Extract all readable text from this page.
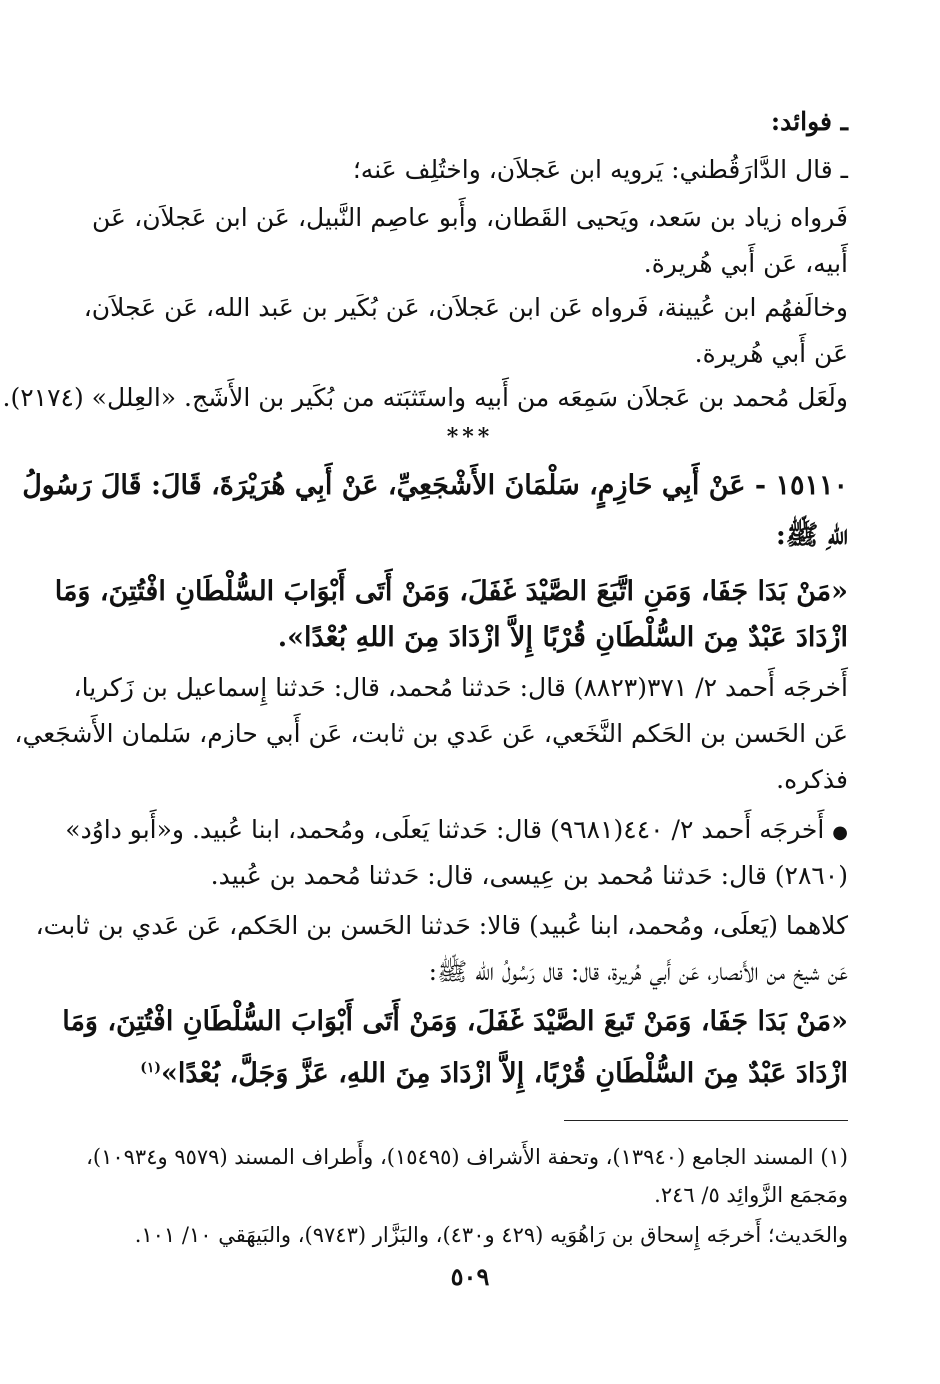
ـ فوائد:
ـ قال الدَّارَقُطني: يَرويه ابن عَجلاَن، واختُلِف عَنه؛
فَرواه زياد بن سَعد، ويَحيى القَطان، وأَبو عاصِم النَّبيل، عَن ابن عَجلاَن، عَن
أَبيه، عَن أَبي هُريرة.
وخالَفهُم ابن عُيينة، فَرواه عَن ابن عَجلاَن، عَن بُكَير بن عَبد الله، عَن عَجلاَن،
عَن أَبي هُريرة.
ولَعَل مُحمد بن عَجلاَن سَمِعَه من أَبيه واستَثبَته من بُكَير بن الأَشَج. «العِلل» (٢١٧٤).
***
١٥١١٠ - عَنْ أَبِي حَازِمٍ، سَلْمَانَ الأَشْجَعِيِّ، عَنْ أَبِي هُرَيْرَةَ، قَالَ: قَالَ رَسُولُ
اللهِ ﷺ:
«مَنْ بَدَا جَفَا، وَمَنِ اتَّبَعَ الصَّيْدَ غَفَلَ، وَمَنْ أَتَى أَبْوَابَ السُّلْطَانِ افْتُتِنَ، وَمَا
ازْدَادَ عَبْدٌ مِنَ السُّلْطَانِ قُرْبًا إِلاَّ ازْدَادَ مِنَ اللهِ بُعْدًا».
أَخرجَه أَحمد ٢/ ٣٧١(٨٨٢٣) قال: حَدثنا مُحمد، قال: حَدثنا إِسماعيل بن زَكريا،
عَن الحَسن بن الحَكم النَّخَعي، عَن عَدي بن ثابت، عَن أَبي حازم، سَلمان الأَشجَعي،
فذكره.
● أَخرجَه أَحمد ٢/ ٤٤٠(٩٦٨١) قال: حَدثنا يَعلَى، ومُحمد، ابنا عُبيد. و«أَبو داوُد»
(٢٨٦٠) قال: حَدثنا مُحمد بن عِيسى، قال: حَدثنا مُحمد بن عُبيد.
كلاهما (يَعلَى، ومُحمد، ابنا عُبيد) قالا: حَدثنا الحَسن بن الحَكم، عَن عَدي بن ثابت،
عَن شيخ من الأَنصار، عَن أَبي هُريرة، قال: قال رَسُولُ الله ﷺ:
«مَنْ بَدَا جَفَا، وَمَنْ تَبعَ الصَّيْدَ غَفَلَ، وَمَنْ أَتَى أَبْوَابَ السُّلْطَانِ افْتُتِنَ، وَمَا
ازْدَادَ عَبْدٌ مِنَ السُّلْطَانِ قُرْبًا، إِلاَّ ازْدَادَ مِنَ اللهِ، عَزَّ وَجَلَّ، بُعْدًا»$^{(١)}$
(١) المسند الجامع (١٣٩٤٠)، وتحفة الأَشراف (١٥٤٩٥)، وأَطراف المسند (٩٥٧٩ و١٠٩٣٤)،
ومَجمَع الزَّوائِد ٥/ ٢٤٦.
والحَديث؛ أَخرجَه إِسحاق بن رَاهُوَيه (٤٢٩ و٤٣٠)، والبَزَّار (٩٧٤٣)، والبَيهَقي ١٠/ ١٠١.
٥٠٩
